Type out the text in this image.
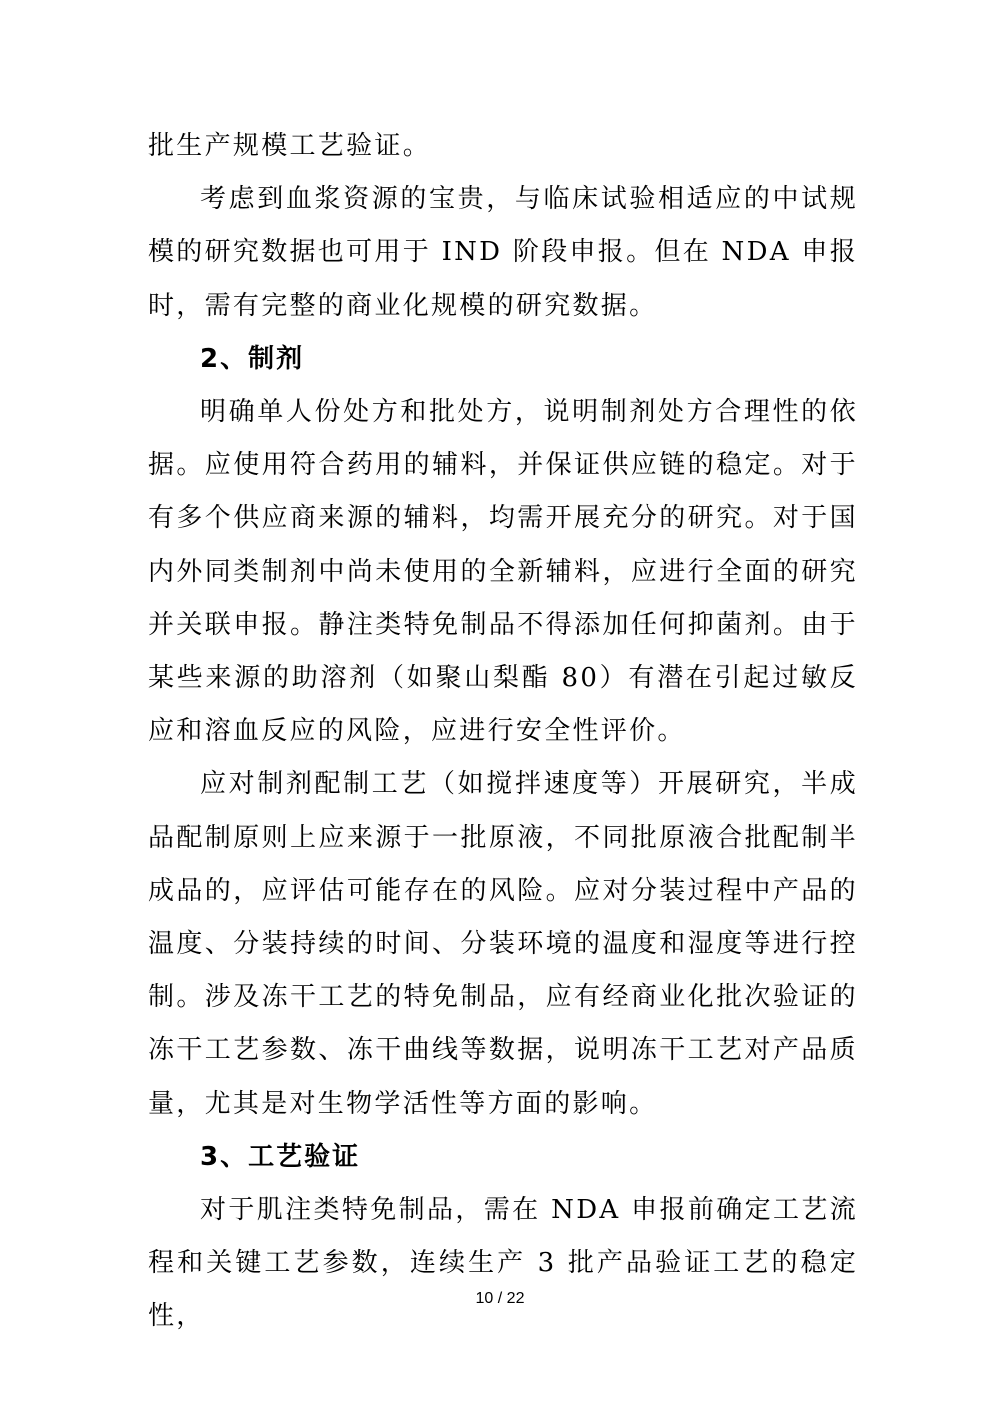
批生产规模工艺验证。

考虑到血浆资源的宝贵，与临床试验相适应的中试规模的研究数据也可用于 IND 阶段申报。但在 NDA 申报时，需有完整的商业化规模的研究数据。

2、制剂

明确单人份处方和批处方，说明制剂处方合理性的依据。应使用符合药用的辅料，并保证供应链的稳定。对于有多个供应商来源的辅料，均需开展充分的研究。对于国内外同类制剂中尚未使用的全新辅料，应进行全面的研究并关联申报。静注类特免制品不得添加任何抑菌剂。由于某些来源的助溶剂（如聚山梨酯 80）有潜在引起过敏反应和溶血反应的风险，应进行安全性评价。

应对制剂配制工艺（如搅拌速度等）开展研究，半成品配制原则上应来源于一批原液，不同批原液合批配制半成品的，应评估可能存在的风险。应对分装过程中产品的温度、分装持续的时间、分装环境的温度和湿度等进行控制。涉及冻干工艺的特免制品，应有经商业化批次验证的冻干工艺参数、冻干曲线等数据，说明冻干工艺对产品质量，尤其是对生物学活性等方面的影响。

3、工艺验证

对于肌注类特免制品，需在 NDA 申报前确定工艺流程和关键工艺参数，连续生产 3 批产品验证工艺的稳定性，

10 / 22
